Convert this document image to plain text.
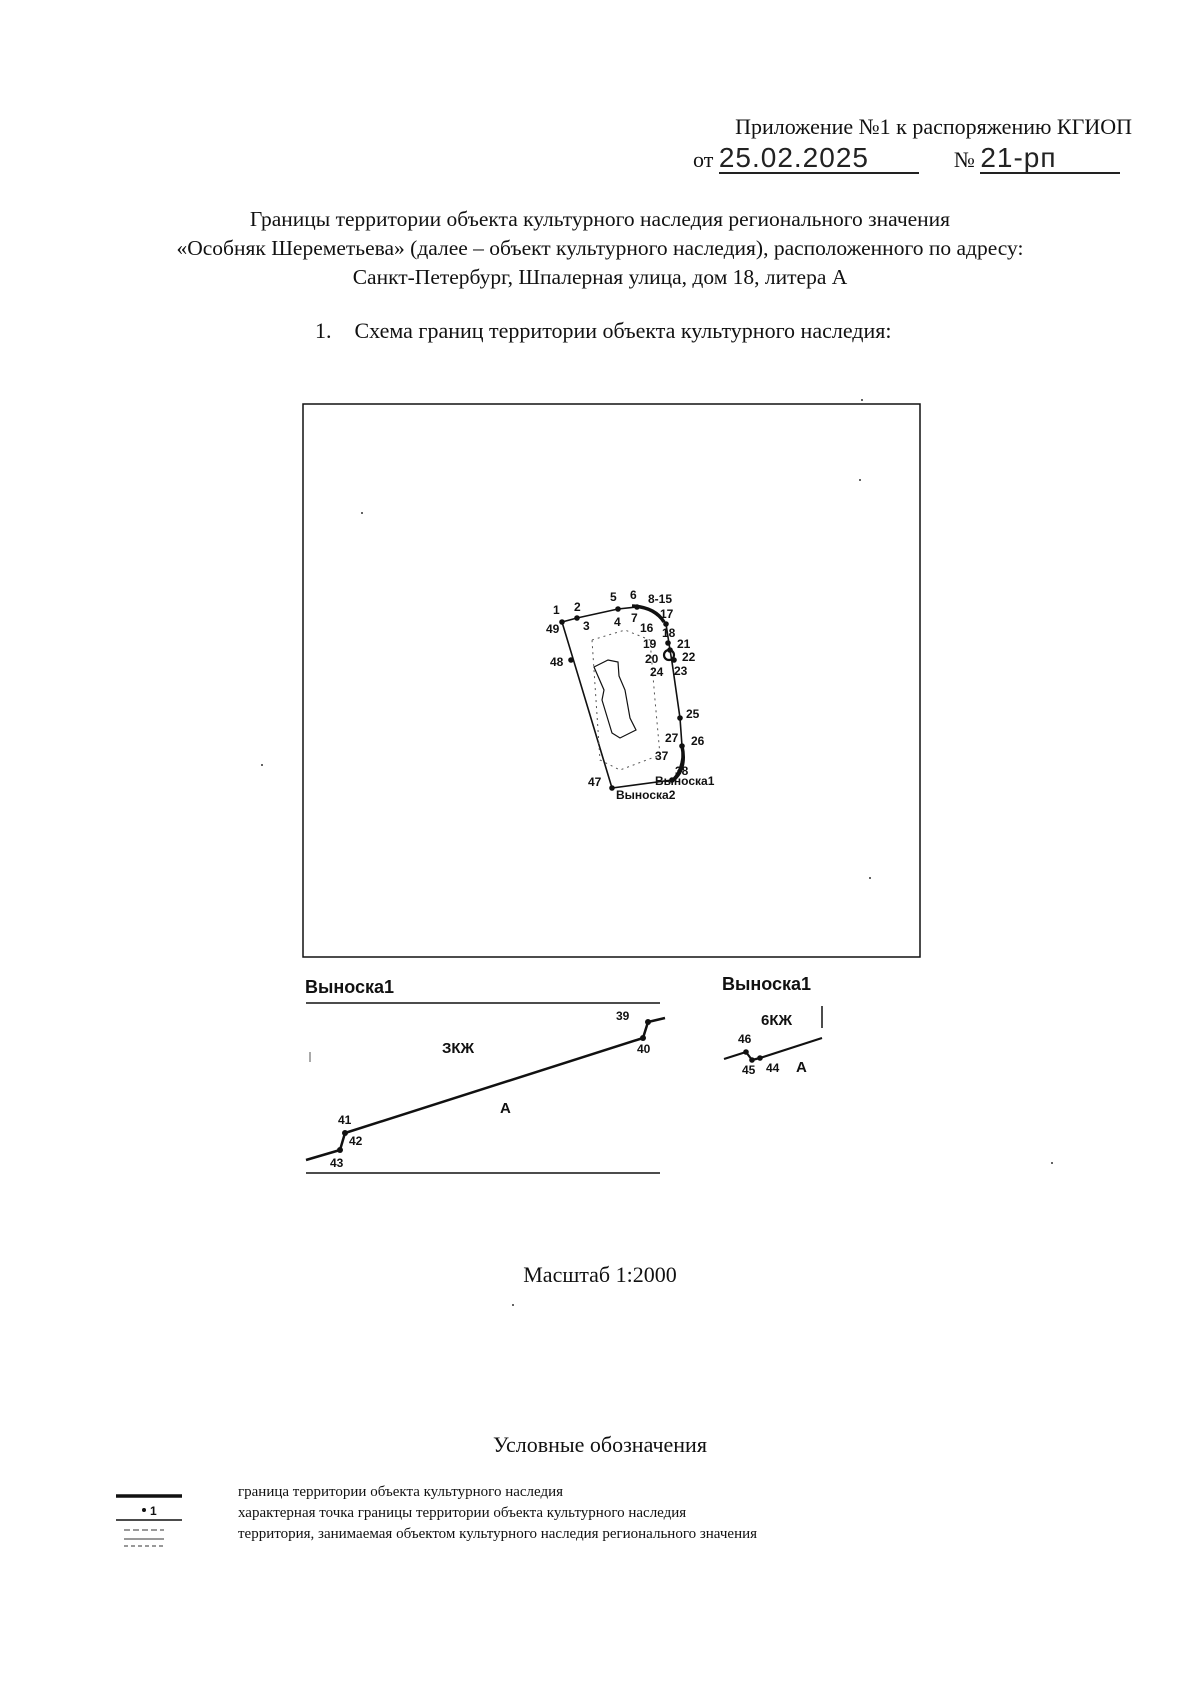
Приложение №1 к распоряжению КГИОП
от 25.02.2025	№ 21-рп
Границы территории объекта культурного наследия регионального значения
«Особняк Шереметьева» (далее – объект культурного наследия), расположенного по адресу:
Санкт-Петербург, Шпалерная улица, дом 18, литера А
1. Схема границ территории объекта культурного наследия:
1 2
3 4
5 6
7
8-15
16
17
18
19
20
21
22
23
24
25
26
27
37
38
47
48
49
Выноска1
Выноска2
Выноска1
ЗКЖ
А
39
40
41
42
43
Выноска1
6КЖ
А
46
45 44
1
Масштаб 1:2000
Условные обозначения
граница территории объекта культурного наследия
характерная точка границы территории объекта культурного наследия
территория, занимаемая объектом культурного наследия регионального значения
